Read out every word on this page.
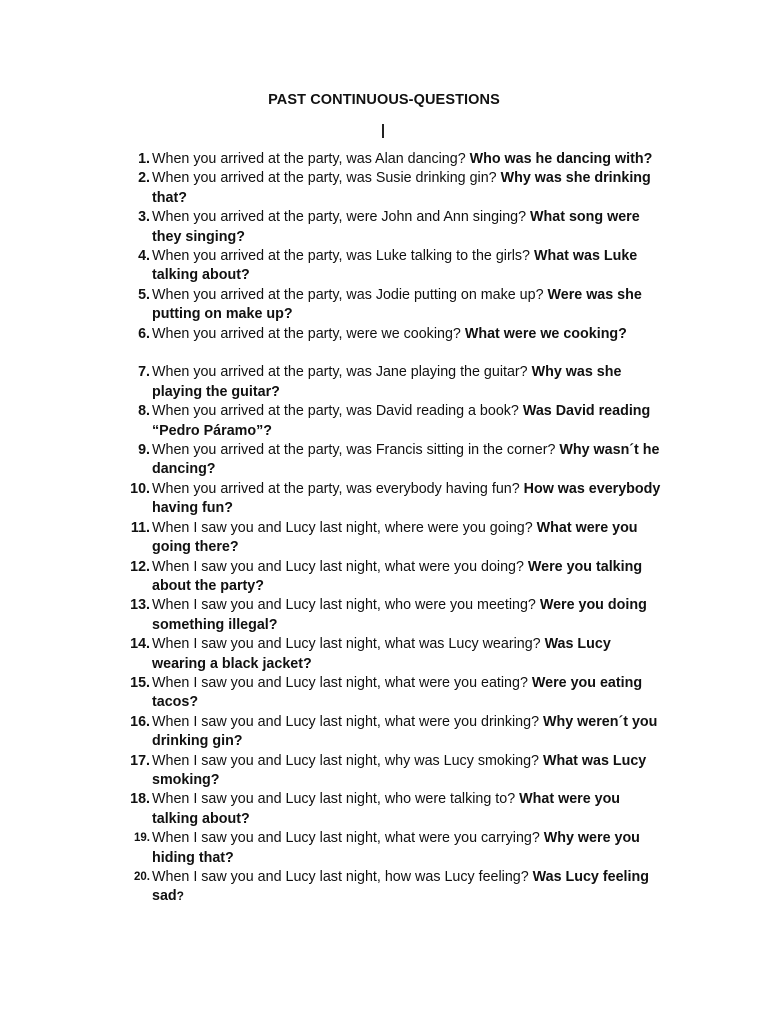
PAST CONTINUOUS-QUESTIONS
1. When you arrived at the party, was Alan dancing? Who was he dancing with?
2. When you arrived at the party, was Susie drinking gin? Why was she drinking that?
3. When you arrived at the party, were John and Ann singing? What song were they singing?
4. When you arrived at the party, was Luke talking to the girls? What was Luke talking about?
5. When you arrived at the party, was Jodie putting on make up? Were was she putting on make up?
6. When you arrived at the party, were we cooking? What were we cooking?
7. When you arrived at the party, was Jane playing the guitar? Why was she playing the guitar?
8. When you arrived at the party, was David reading a book? Was David reading “Pedro Páramo”?
9. When you arrived at the party, was Francis sitting in the corner? Why wasn´t he dancing?
10. When you arrived at the party, was everybody having fun? How was everybody having fun?
11. When I saw you and Lucy last night, where were you going? What were you going there?
12. When I saw you and Lucy last night, what were you doing? Were you talking about the party?
13. When I saw you and Lucy last night, who were you meeting? Were you doing something illegal?
14. When I saw you and Lucy last night, what was Lucy wearing? Was Lucy wearing a black jacket?
15. When I saw you and Lucy last night, what were you eating? Were you eating tacos?
16. When I saw you and Lucy last night, what were you drinking? Why weren´t you drinking gin?
17. When I saw you and Lucy last night, why was Lucy smoking? What was Lucy smoking?
18. When I saw you and Lucy last night, who were talking to? What were you talking about?
19. When I saw you and Lucy last night, what were you carrying? Why were you hiding that?
20. When I saw you and Lucy last night, how was Lucy feeling? Was Lucy feeling sad?
